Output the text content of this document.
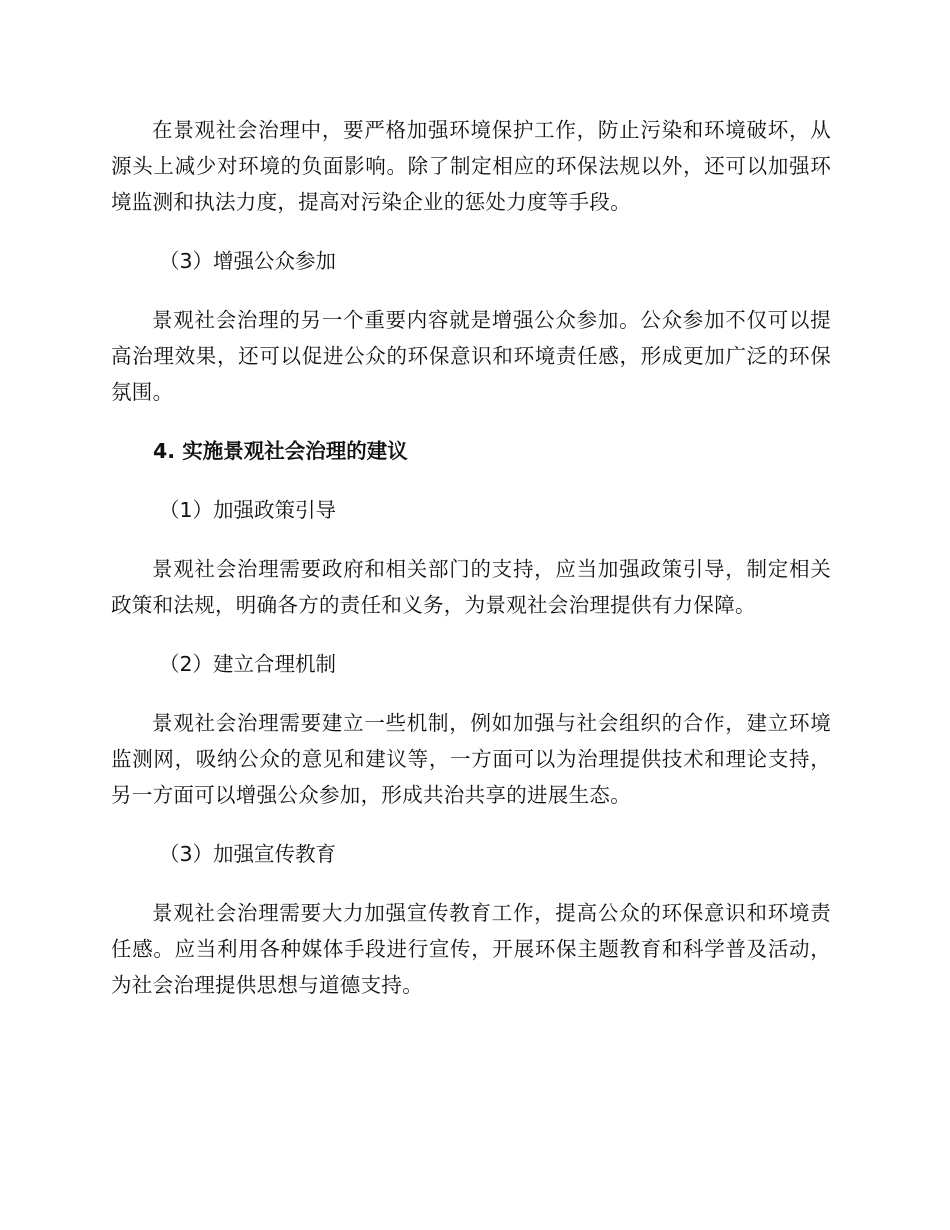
在景观社会治理中，要严格加强环境保护工作，防止污染和环境破坏，从源头上减少对环境的负面影响。除了制定相应的环保法规以外，还可以加强环境监测和执法力度，提高对污染企业的惩处力度等手段。

（3）增强公众参加

景观社会治理的另一个重要内容就是增强公众参加。公众参加不仅可以提高治理效果，还可以促进公众的环保意识和环境责任感，形成更加广泛的环保氛围。

4. 实施景观社会治理的建议

（1）加强政策引导

景观社会治理需要政府和相关部门的支持，应当加强政策引导，制定相关政策和法规，明确各方的责任和义务，为景观社会治理提供有力保障。

（2）建立合理机制

景观社会治理需要建立一些机制，例如加强与社会组织的合作，建立环境监测网，吸纳公众的意见和建议等，一方面可以为治理提供技术和理论支持，另一方面可以增强公众参加，形成共治共享的进展生态。

（3）加强宣传教育

景观社会治理需要大力加强宣传教育工作，提高公众的环保意识和环境责任感。应当利用各种媒体手段进行宣传，开展环保主题教育和科学普及活动，为社会治理提供思想与道德支持。
